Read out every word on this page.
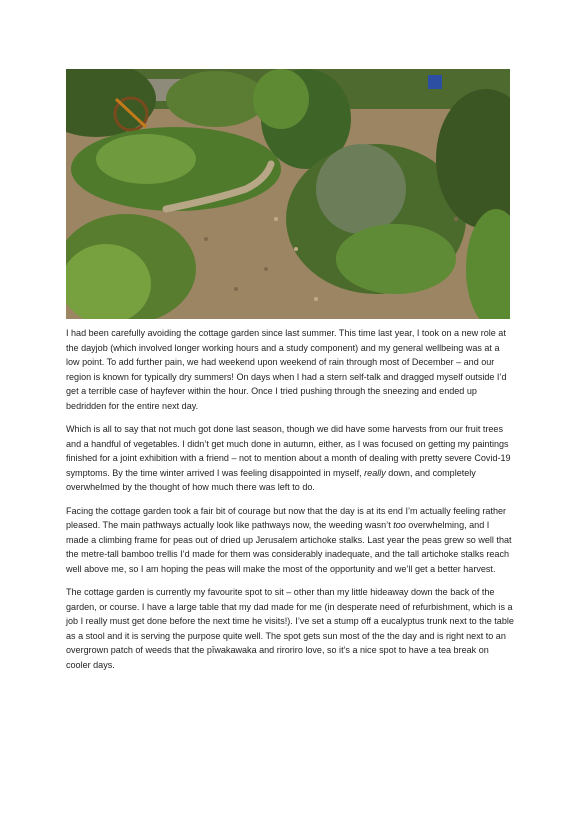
I had been carefully avoiding the cottage garden since last summer. This time last year, I took on a new role at the dayjob (which involved longer working hours and a study component) and my general wellbeing was at a low point. To add further pain, we had weekend upon weekend of rain through most of December – and our region is known for typically dry summers! On days when I had a stern self-talk and dragged myself outside I’d get a terrible case of hayfever within the hour. Once I tried pushing through the sneezing and ended up bedridden for the entire next day.

Which is all to say that not much got done last season, though we did have some harvests from our fruit trees and a handful of vegetables. I didn’t get much done in autumn, either, as I was focused on getting my paintings finished for a joint exhibition with a friend – not to mention about a month of dealing with pretty severe Covid-19 symptoms. By the time winter arrived I was feeling disappointed in myself, really down, and completely overwhelmed by the thought of how much there was left to do.

Facing the cottage garden took a fair bit of courage but now that the day is at its end I’m actually feeling rather pleased. The main pathways actually look like pathways now, the weeding wasn’t too overwhelming, and I made a climbing frame for peas out of dried up Jerusalem artichoke stalks. Last year the peas grew so well that the metre-tall bamboo trellis I’d made for them was considerably inadequate, and the tall artichoke stalks reach well above me, so I am hoping the peas will make the most of the opportunity and we’ll get a better harvest.

The cottage garden is currently my favourite spot to sit – other than my little hideaway down the back of the garden, or course. I have a large table that my dad made for me (in desperate need of refurbishment, which is a job I really must get done before the next time he visits!). I’ve set a stump off a eucalyptus trunk next to the table as a stool and it is serving the purpose quite well. The spot gets sun most of the the day and is right next to an overgrown patch of weeds that the pīwakawaka and riroriro love, so it’s a nice spot to have a tea break on cooler days.
